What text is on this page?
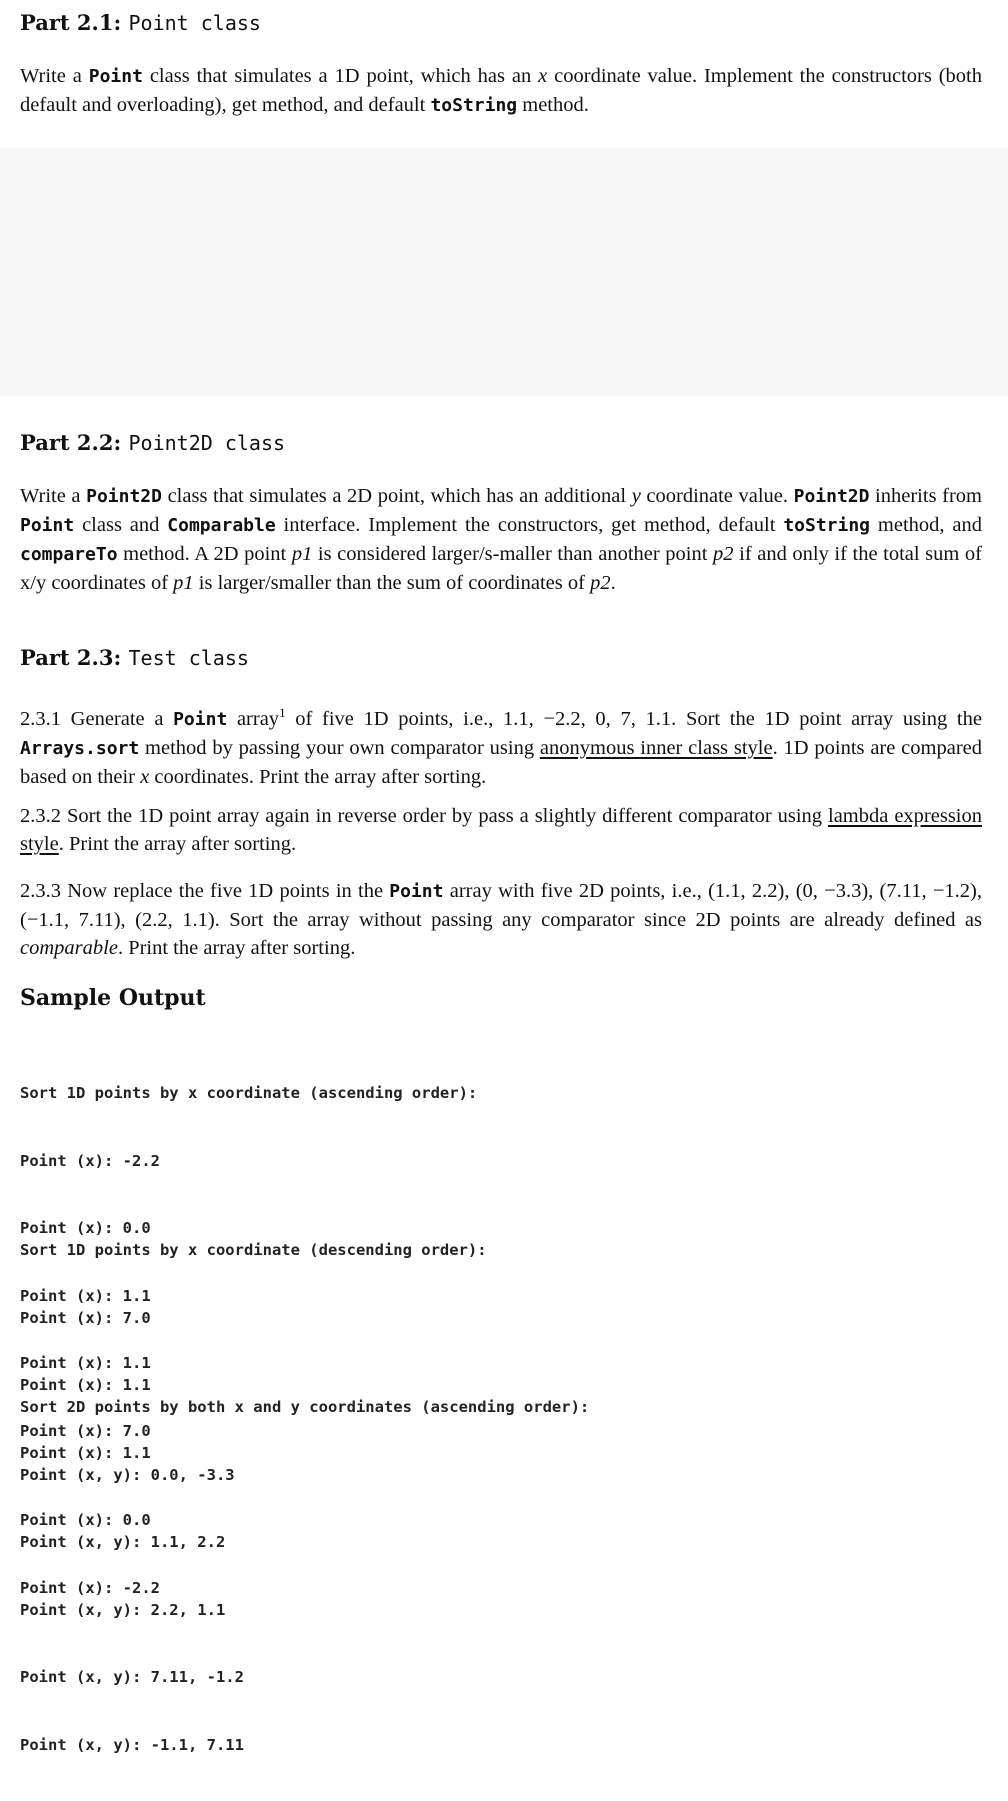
Part 2.1: Point class

Write a Point class that simulates a 1D point, which has an x coordinate value. Implement the constructors (both default and overloading), get method, and default toString method.

Part 2.2: Point2D class

Write a Point2D class that simulates a 2D point, which has an additional y coordinate value. Point2D inherits from Point class and Comparable interface. Implement the constructors, get method, default toString method, and compareTo method. A 2D point p1 is considered larger/s-maller than another point p2 if and only if the total sum of x/y coordinates of p1 is larger/smaller than the sum of coordinates of p2.

Part 2.3: Test class

2.3.1 Generate a Point array$^1$ of five 1D points, i.e., 1.1, −2.2, 0, 7, 1.1. Sort the 1D point array using the Arrays.sort method by passing your own comparator using anonymous inner class style. 1D points are compared based on their x coordinates. Print the array after sorting.

2.3.2 Sort the 1D point array again in reverse order by pass a slightly different comparator using lambda expression style. Print the array after sorting.

2.3.3 Now replace the five 1D points in the Point array with five 2D points, i.e., (1.1, 2.2), (0, −3.3), (7.11, −1.2), (−1.1, 7.11), (2.2, 1.1). Sort the array without passing any comparator since 2D points are already defined as comparable. Print the array after sorting.

Sample Output

Sort 1D points by x coordinate (ascending order):

Point (x): -2.2

Point (x): 0.0

Point (x): 1.1

Point (x): 1.1

Point (x): 7.0

Sort 1D points by x coordinate (descending order):

Point (x): 7.0

Point (x): 1.1

Point (x): 1.1

Point (x): 0.0

Point (x): -2.2

Sort 2D points by both x and y coordinates (ascending order):

Point (x, y): 0.0, -3.3

Point (x, y): 1.1, 2.2

Point (x, y): 2.2, 1.1

Point (x, y): 7.11, -1.2

Point (x, y): -1.1, 7.11
